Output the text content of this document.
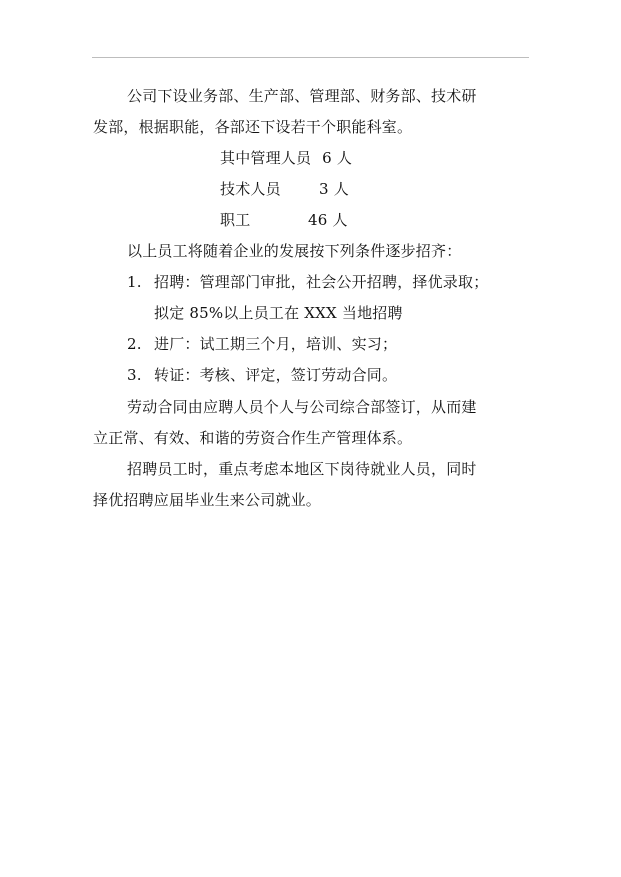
公司下设业务部、生产部、管理部、财务部、技术研
发部，根据职能，各部还下设若干个职能科室。
其中管理人员 6 人
技术人员	3 人
职工	46 人
以上员工将随着企业的发展按下列条件逐步招齐：
1. 招聘：管理部门审批，社会公开招聘，择优录取；
拟定 85%以上员工在 XXX 当地招聘
2. 进厂：试工期三个月，培训、实习；
3. 转证：考核、评定，签订劳动合同。
劳动合同由应聘人员个人与公司综合部签订，从而建
立正常、有效、和谐的劳资合作生产管理体系。
招聘员工时，重点考虑本地区下岗待就业人员，同时
择优招聘应届毕业生来公司就业。
